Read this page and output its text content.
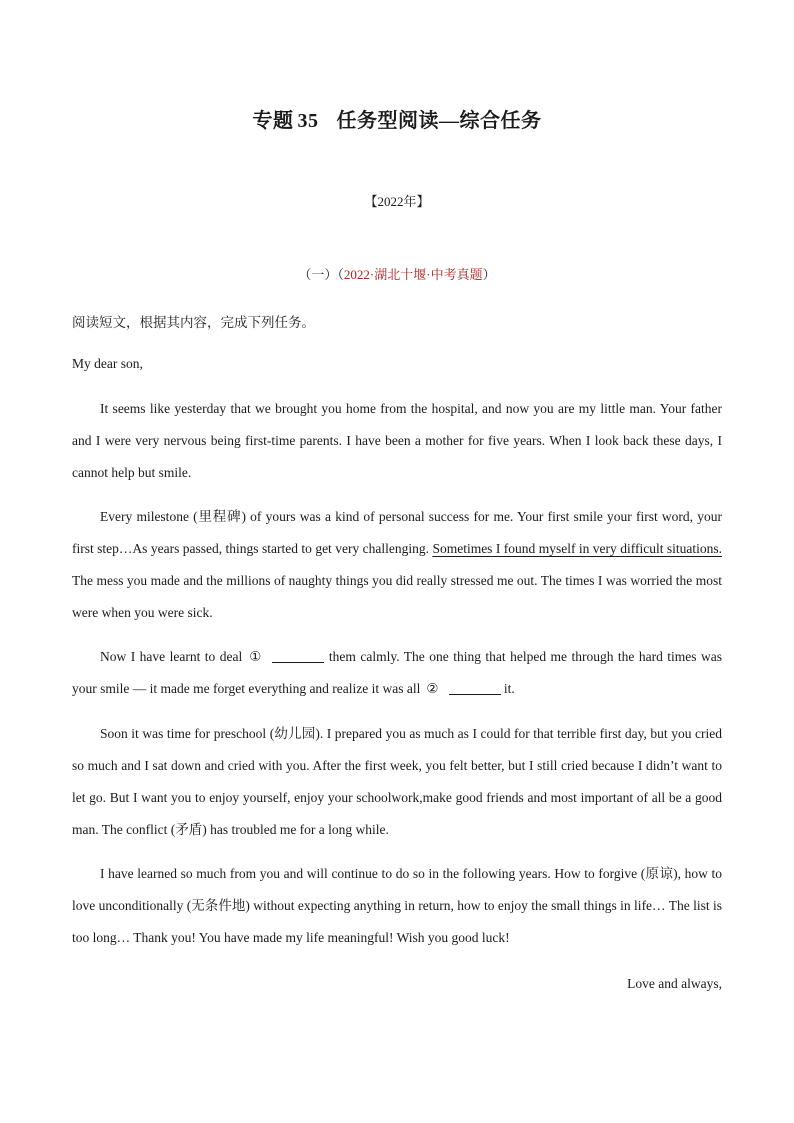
专题 35 任务型阅读—综合任务
【2022年】
（一）（2022·湖北十堰·中考真题）
阅读短文，根据其内容，完成下列任务。
My dear son,
It seems like yesterday that we brought you home from the hospital, and now you are my little man. Your father and I were very nervous being first-time parents. I have been a mother for five years. When I look back these days, I cannot help but smile.
Every milestone (里程碑) of yours was a kind of personal success for me. Your first smile your first word, your first step…As years passed, things started to get very challenging. Sometimes I found myself in very difficult situations. The mess you made and the millions of naughty things you did really stressed me out. The times I was worried the most were when you were sick.
Now I have learnt to deal ①	them calmly. The one thing that helped me through the hard times was your smile — it made me forget everything and realize it was all ②	it.
Soon it was time for preschool (幼儿园). I prepared you as much as I could for that terrible first day, but you cried so much and I sat down and cried with you. After the first week, you felt better, but I still cried because I didn’t want to let go. But I want you to enjoy yourself, enjoy your schoolwork,make good friends and most important of all be a good man. The conflict (矛盾) has troubled me for a long while.
I have learned so much from you and will continue to do so in the following years. How to forgive (原谅), how to love unconditionally (无条件地) without expecting anything in return, how to enjoy the small things in life… The list is too long… Thank you! You have made my life meaningful! Wish you good luck!
Love and always,
